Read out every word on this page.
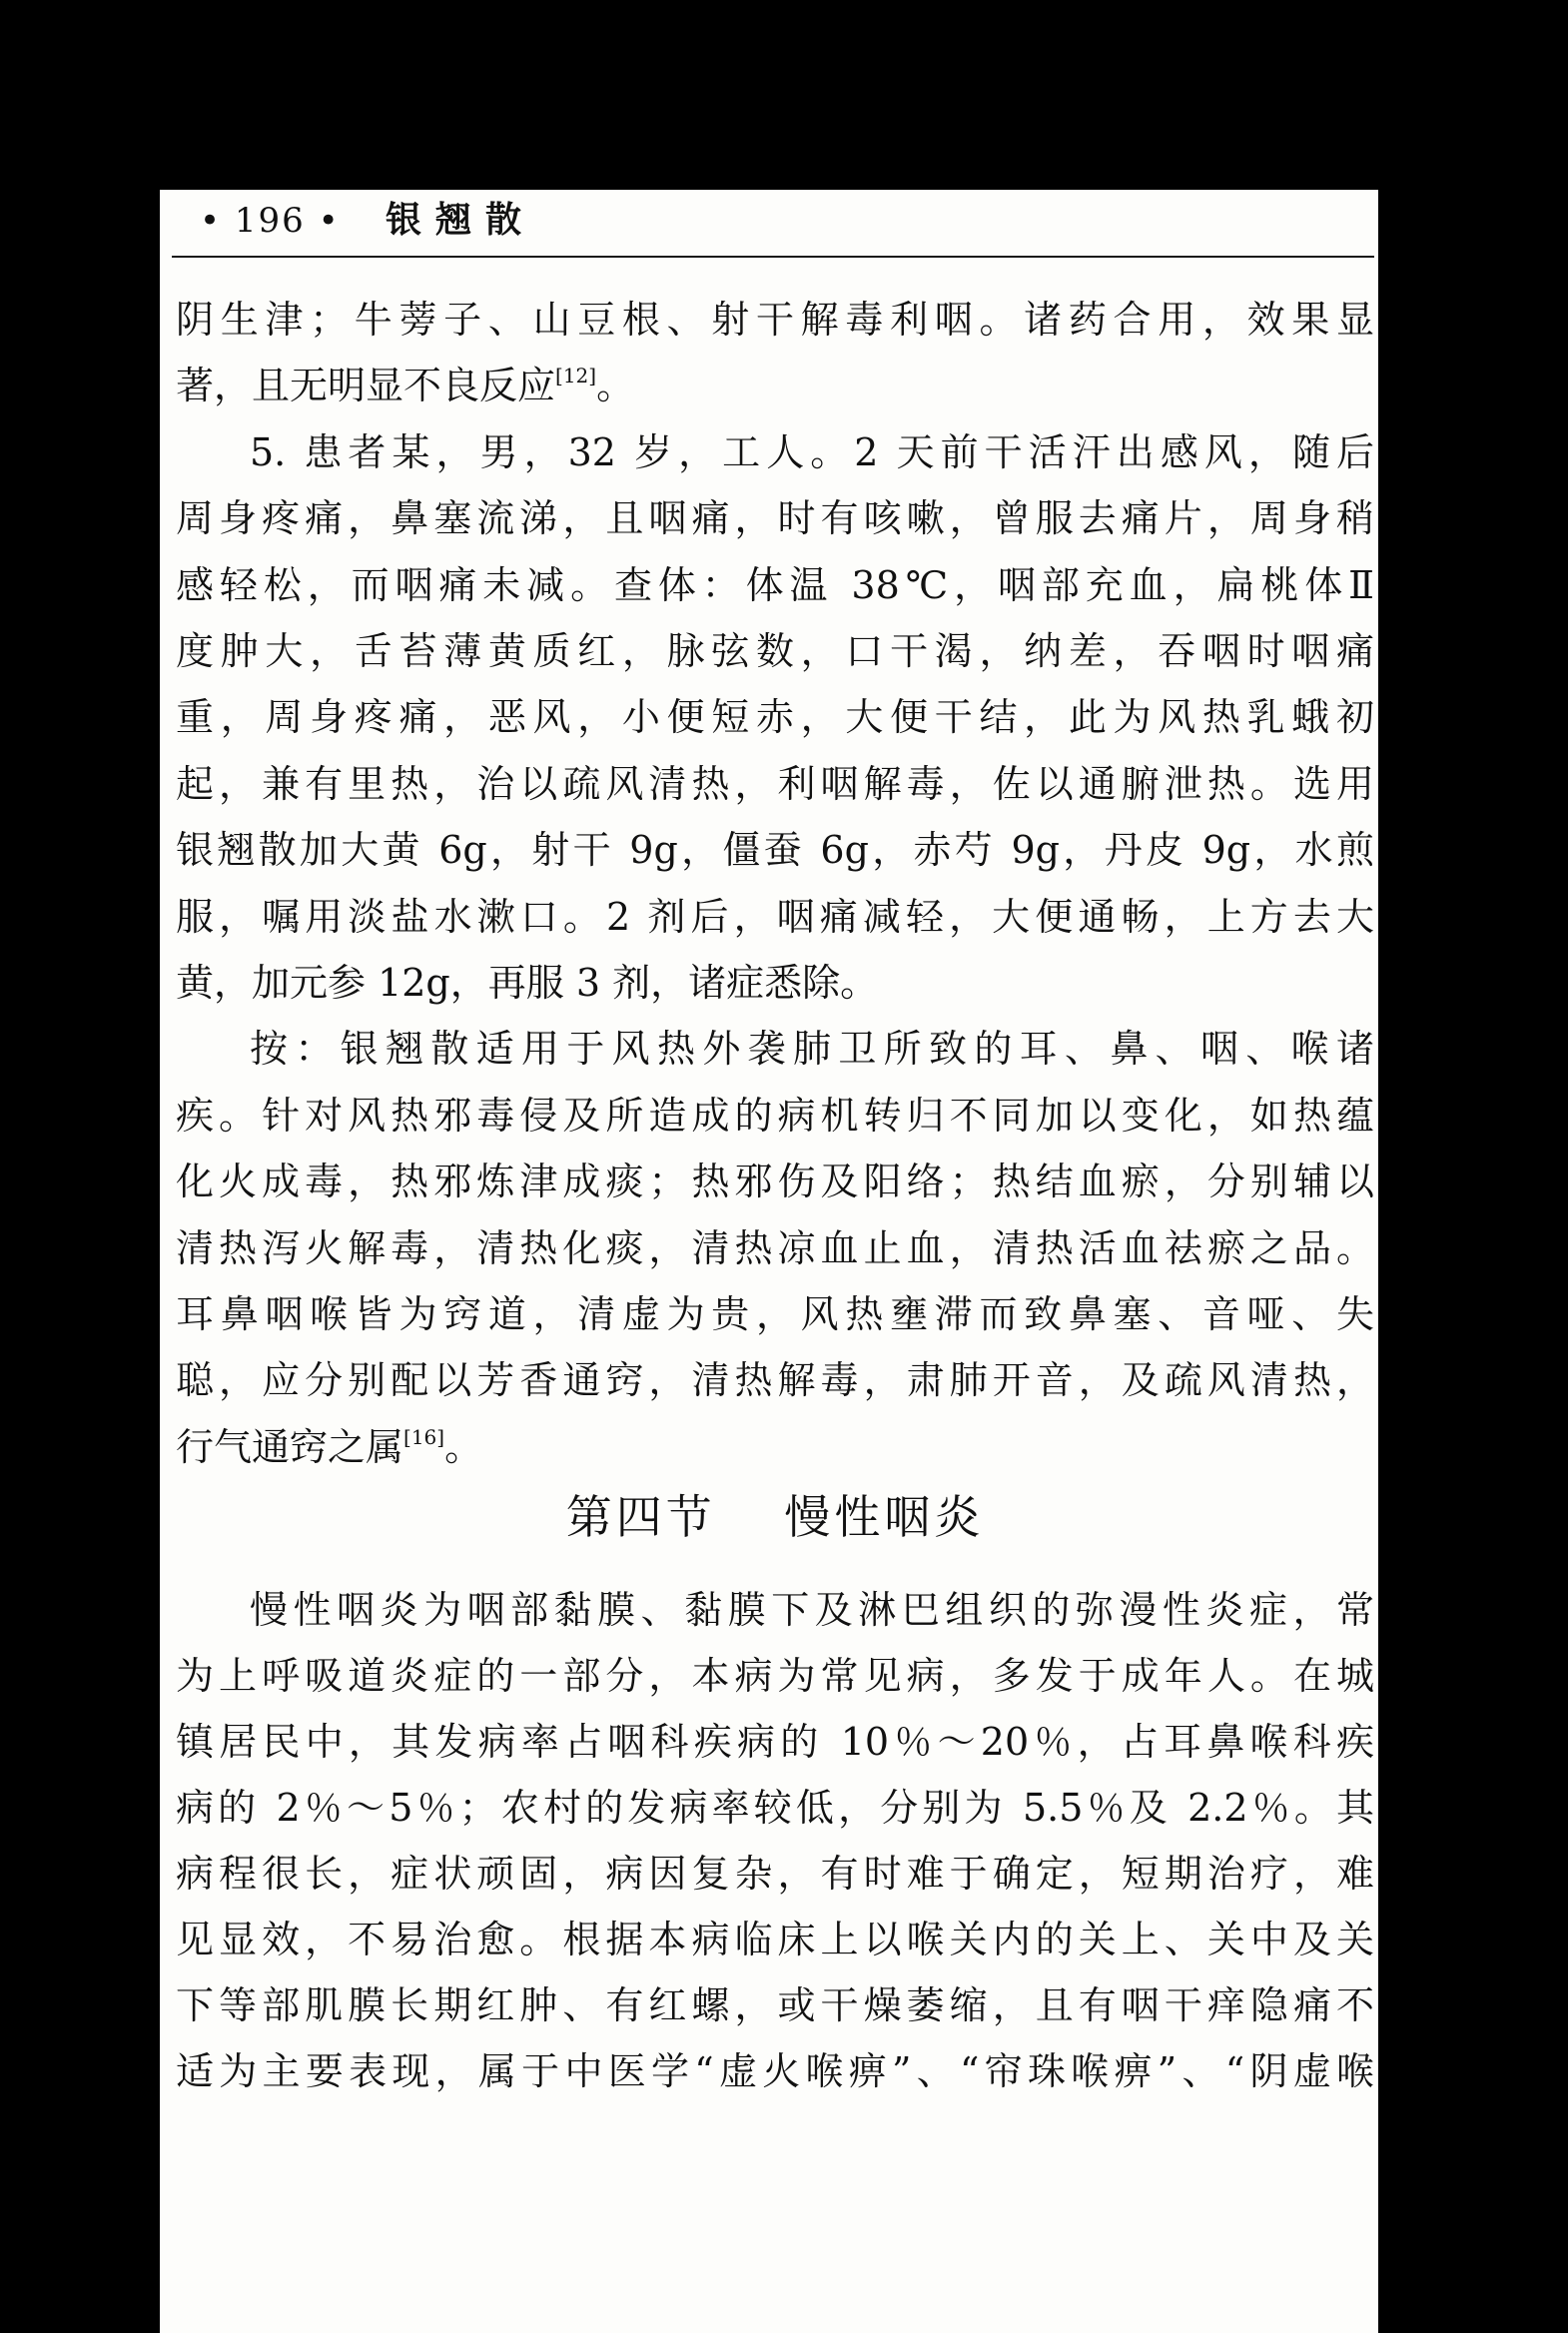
• 196 • 银翘散
阴生津；牛蒡子、山豆根、射干解毒利咽。诸药合用，效果显
著，且无明显不良反应[12]。
5. 患者某，男，32 岁，工人。2 天前干活汗出感风，随后
周身疼痛，鼻塞流涕，且咽痛，时有咳嗽，曾服去痛片，周身稍
感轻松，而咽痛未减。查体：体温 38℃，咽部充血，扁桃体Ⅱ
度肿大，舌苔薄黄质红，脉弦数，口干渴，纳差，吞咽时咽痛
重，周身疼痛，恶风，小便短赤，大便干结，此为风热乳蛾初
起，兼有里热，治以疏风清热，利咽解毒，佐以通腑泄热。选用
银翘散加大黄 6g，射干 9g，僵蚕 6g，赤芍 9g，丹皮 9g，水煎
服，嘱用淡盐水漱口。2 剂后，咽痛减轻，大便通畅，上方去大
黄，加元参 12g，再服 3 剂，诸症悉除。
按：银翘散适用于风热外袭肺卫所致的耳、鼻、咽、喉诸
疾。针对风热邪毒侵及所造成的病机转归不同加以变化，如热蕴
化火成毒，热邪炼津成痰；热邪伤及阳络；热结血瘀，分别辅以
清热泻火解毒，清热化痰，清热凉血止血，清热活血祛瘀之品。
耳鼻咽喉皆为窍道，清虚为贵，风热壅滞而致鼻塞、音哑、失
聪，应分别配以芳香通窍，清热解毒，肃肺开音，及疏风清热，
行气通窍之属[16]。
第四节 慢性咽炎
慢性咽炎为咽部黏膜、黏膜下及淋巴组织的弥漫性炎症，常
为上呼吸道炎症的一部分，本病为常见病，多发于成年人。在城
镇居民中，其发病率占咽科疾病的 10％～20％，占耳鼻喉科疾
病的 2％～5％；农村的发病率较低，分别为 5.5％及 2.2％。其
病程很长，症状顽固，病因复杂，有时难于确定，短期治疗，难
见显效，不易治愈。根据本病临床上以喉关内的关上、关中及关
下等部肌膜长期红肿、有红螺，或干燥萎缩，且有咽干痒隐痛不
适为主要表现，属于中医学“虚火喉痹”、“帘珠喉痹”、“阴虚喉
